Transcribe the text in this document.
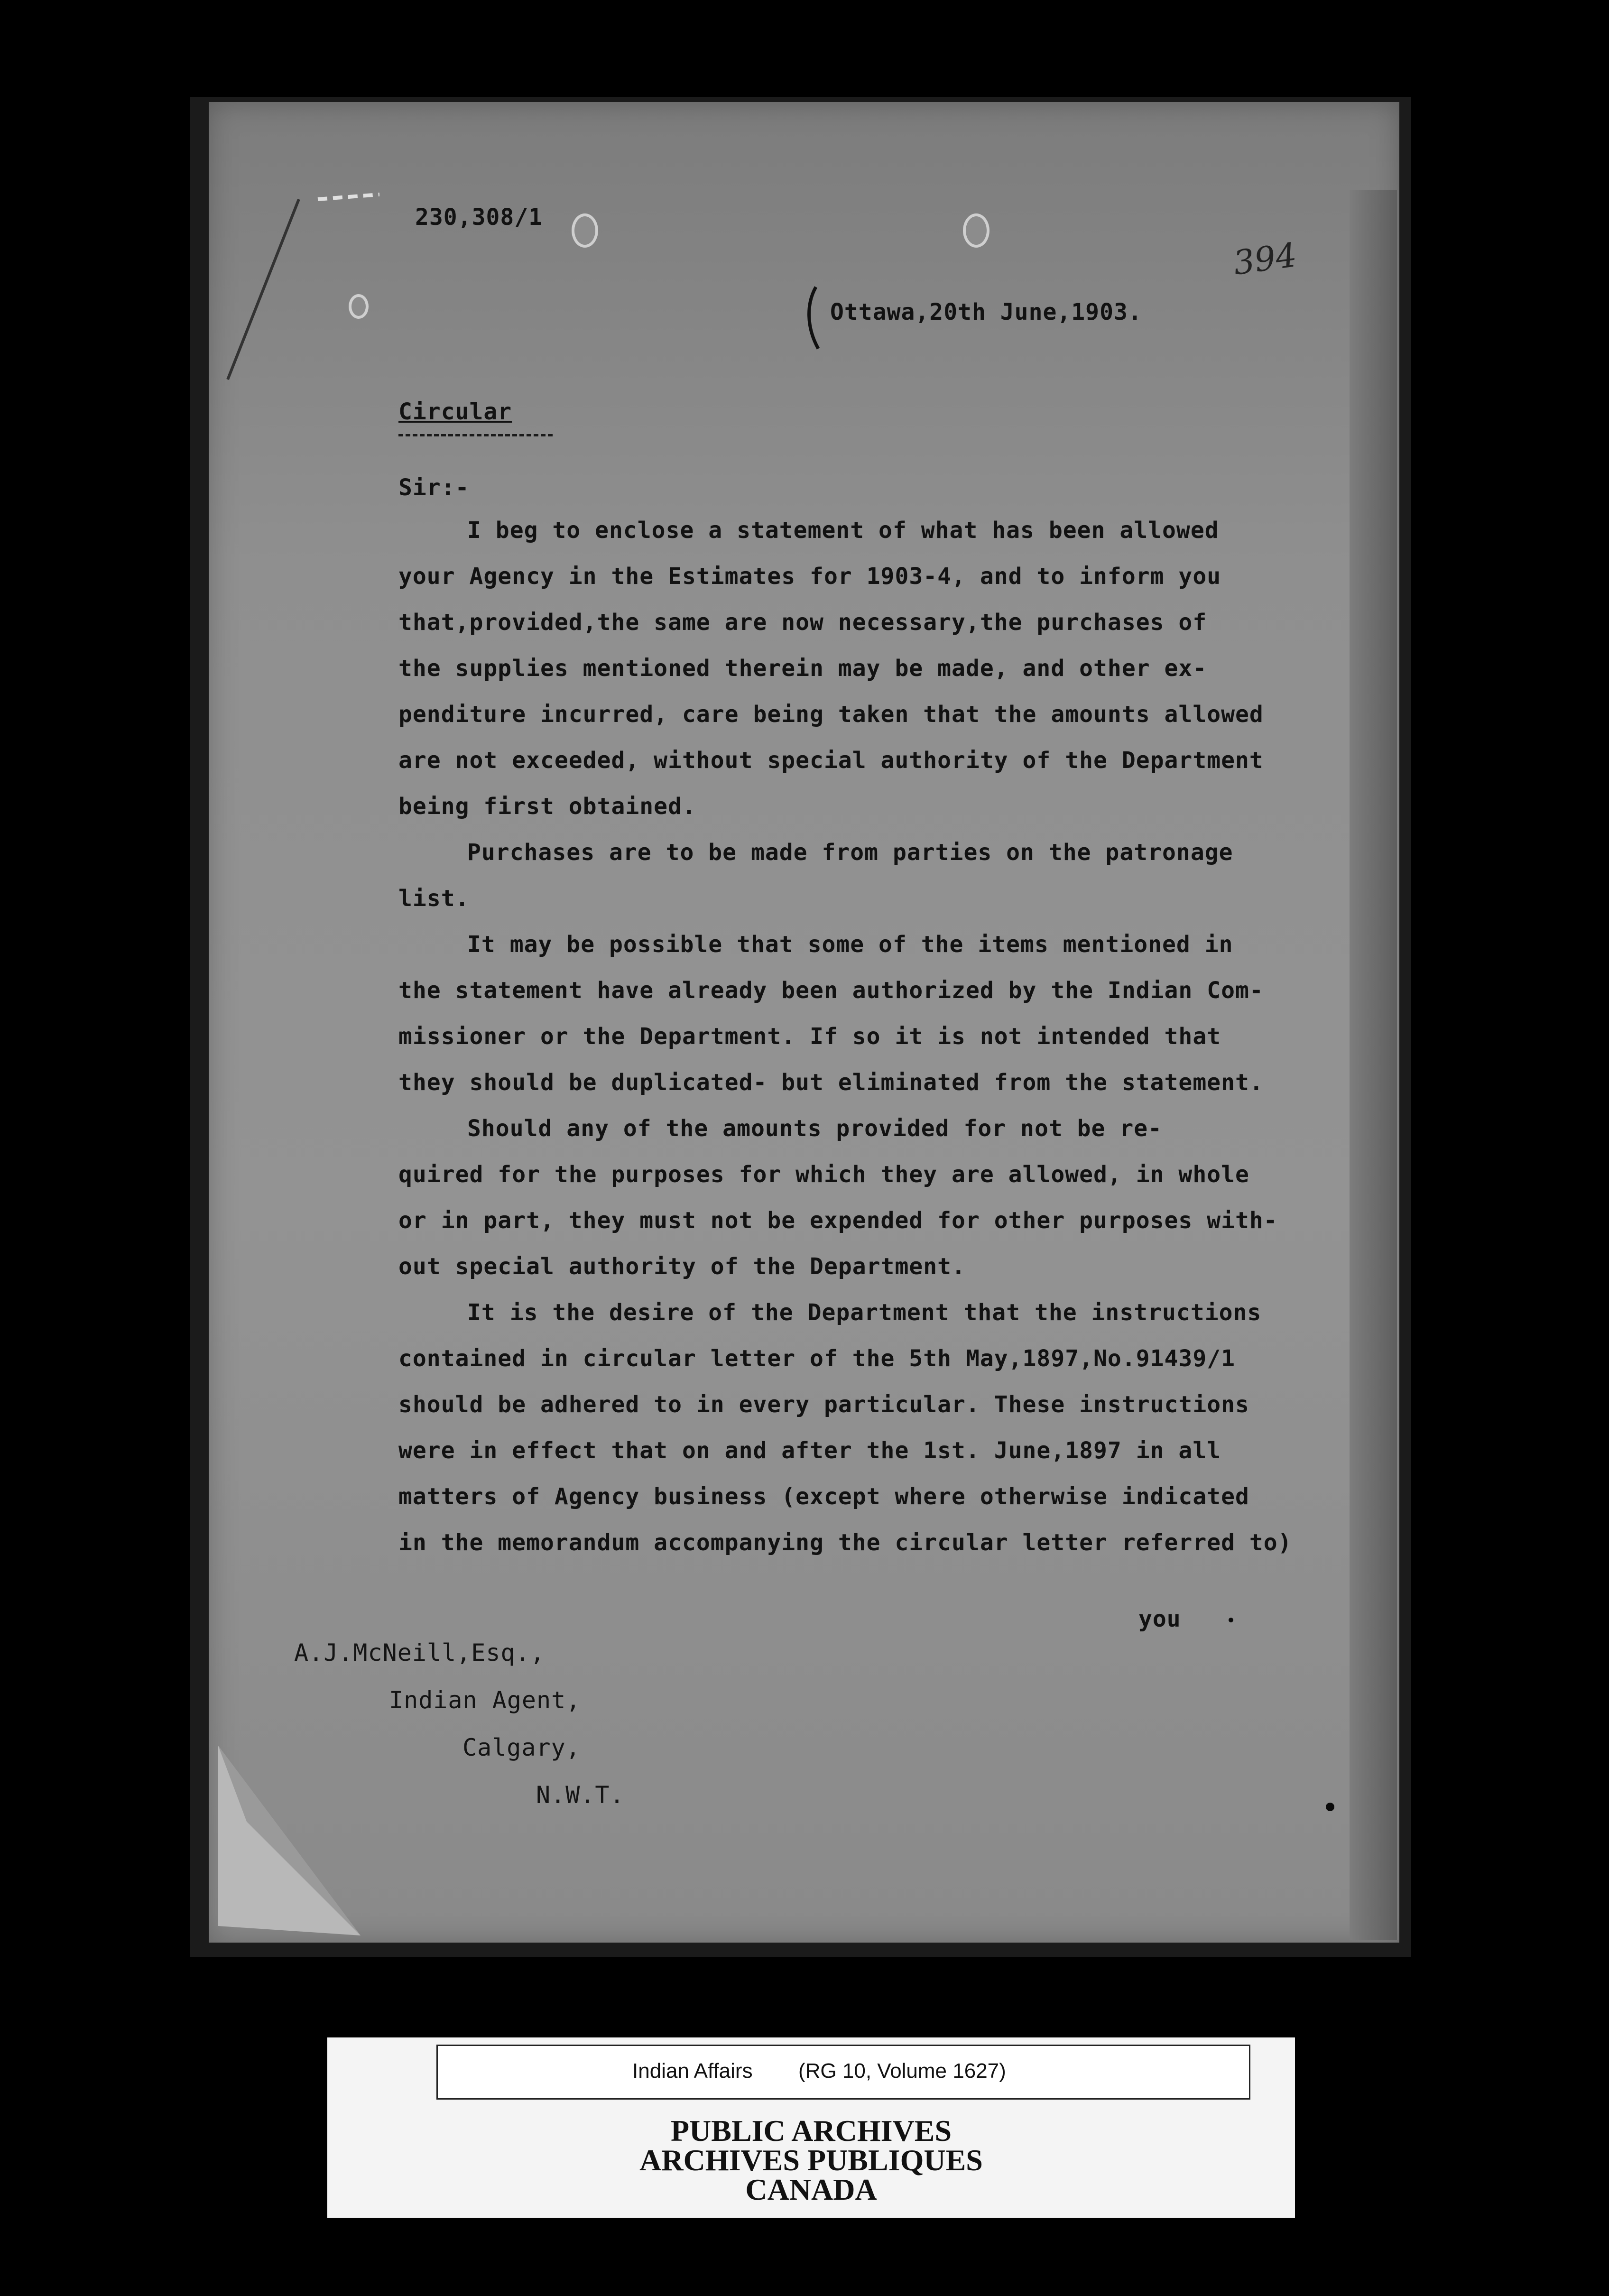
230,308/1
Ottawa,20th June,1903.
394
Circular
Sir:-
I beg to enclose a statement of what has been allowed
your Agency in the Estimates for 1903-4, and to inform you
that,provided,the same are now necessary,the purchases of
the supplies mentioned therein may be made, and other ex-
penditure incurred, care being taken that the amounts allowed
are not exceeded, without special authority of the Department
being first obtained.
Purchases are to be made from parties on the patronage
list.
It may be possible that some of the items mentioned in
the statement have already been authorized by the Indian Com-
missioner or the Department. If so it is not intended that
they should be duplicated- but eliminated from the statement.
Should any of the amounts provided for not be re-
quired for the purposes for which they are allowed, in whole
or in part, they must not be expended for other purposes with-
out special authority of the Department.
It is the desire of the Department that the instructions
contained in circular letter of the 5th May,1897,No.91439/1
should be adhered to in every particular. These instructions
were in effect that on and after the 1st. June,1897 in all
matters of Agency business (except where otherwise indicated
in the memorandum accompanying the circular letter referred to)
you
A.J.McNeill,Esq.,
Indian Agent,
Calgary,
N.W.T.
Indian Affairs (RG 10, Volume 1627)
PUBLIC ARCHIVES
ARCHIVES PUBLIQUES
CANADA
